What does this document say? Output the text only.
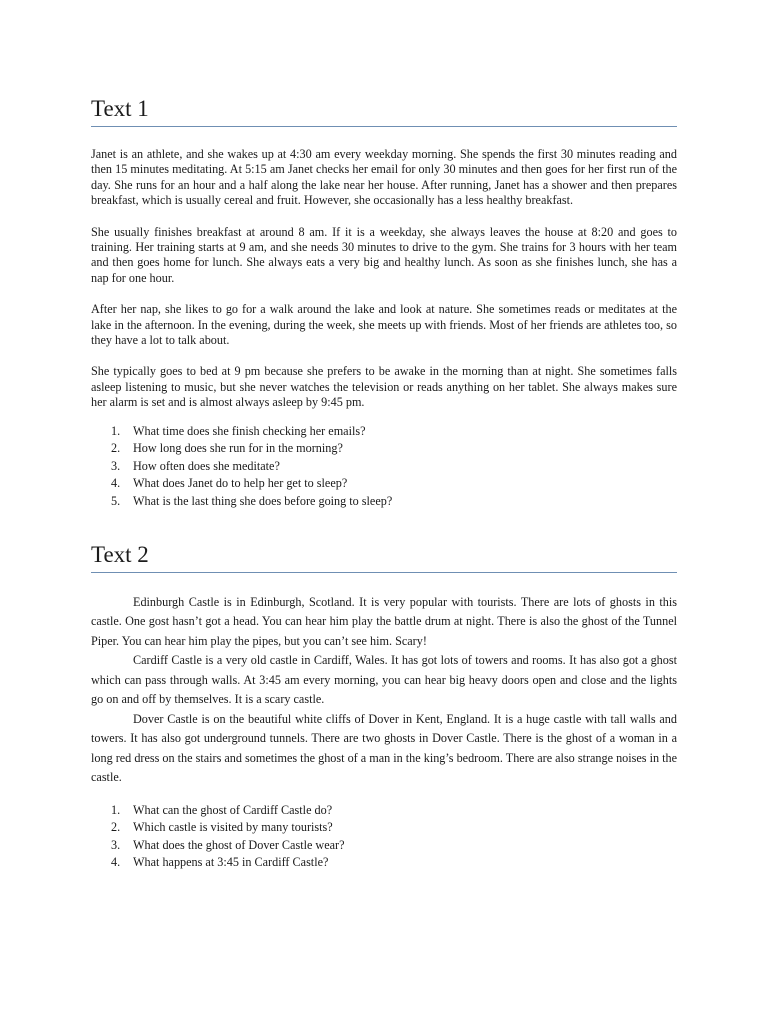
Text 1

Janet is an athlete, and she wakes up at 4:30 am every weekday morning. She spends the first 30 minutes reading and then 15 minutes meditating. At 5:15 am Janet checks her email for only 30 minutes and then goes for her first run of the day. She runs for an hour and a half along the lake near her house. After running, Janet has a shower and then prepares breakfast, which is usually cereal and fruit. However, she occasionally has a less healthy breakfast.

She usually finishes breakfast at around 8 am. If it is a weekday, she always leaves the house at 8:20 and goes to training. Her training starts at 9 am, and she needs 30 minutes to drive to the gym. She trains for 3 hours with her team and then goes home for lunch. She always eats a very big and healthy lunch. As soon as she finishes lunch, she has a nap for one hour.

After her nap, she likes to go for a walk around the lake and look at nature. She sometimes reads or meditates at the lake in the afternoon. In the evening, during the week, she meets up with friends. Most of her friends are athletes too, so they have a lot to talk about.

She typically goes to bed at 9 pm because she prefers to be awake in the morning than at night. She sometimes falls asleep listening to music, but she never watches the television or reads anything on her tablet. She always makes sure her alarm is set and is almost always asleep by 9:45 pm.

1. What time does she finish checking her emails?
2. How long does she run for in the morning?
3. How often does she meditate?
4. What does Janet do to help her get to sleep?
5. What is the last thing she does before going to sleep?
Text 2

Edinburgh Castle is in Edinburgh, Scotland. It is very popular with tourists. There are lots of ghosts in this castle. One gost hasn’t got a head. You can hear him play the battle drum at night. There is also the ghost of the Tunnel Piper. You can hear him play the pipes, but you can’t see him. Scary!

Cardiff Castle is a very old castle in Cardiff, Wales. It has got lots of towers and rooms. It has also got a ghost which can pass through walls. At 3:45 am every morning, you can hear big heavy doors open and close and the lights go on and off by themselves. It is a scary castle.

Dover Castle is on the beautiful white cliffs of Dover in Kent, England. It is a huge castle with tall walls and towers. It has also got underground tunnels. There are two ghosts in Dover Castle. There is the ghost of a woman in a long red dress on the stairs and sometimes the ghost of a man in the king’s bedroom. There are also strange noises in the castle.

1. What can the ghost of Cardiff Castle do?
2. Which castle is visited by many tourists?
3. What does the ghost of Dover Castle wear?
4. What happens at 3:45 in Cardiff Castle?
